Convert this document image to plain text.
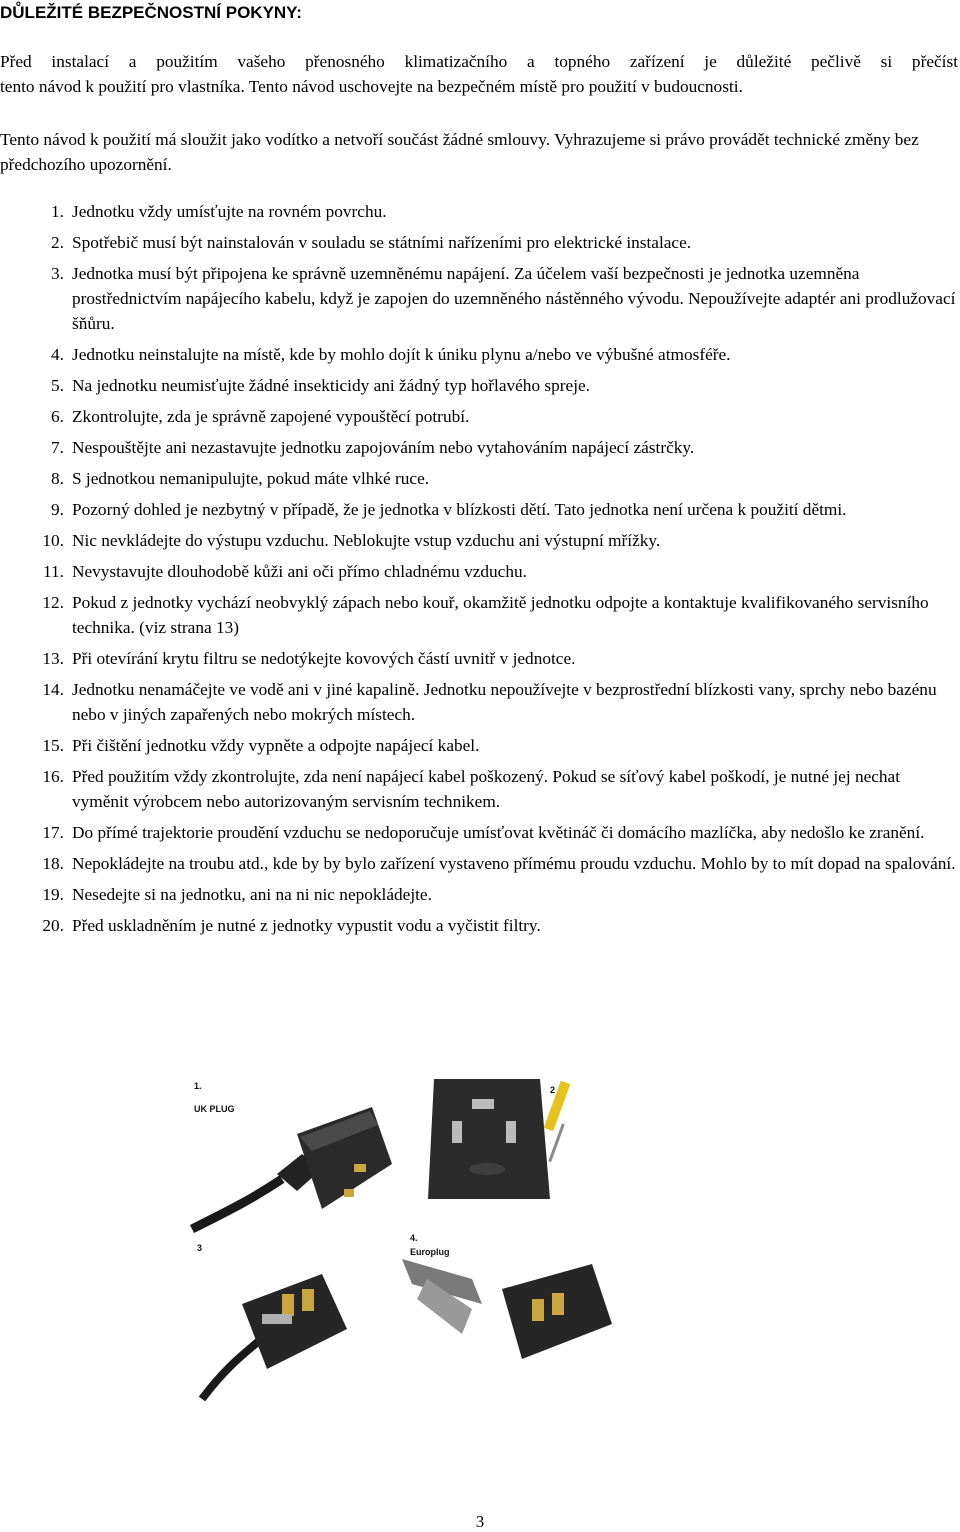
DŮLEŽITÉ BEZPEČNOSTNÍ POKYNY:
Před instalací a použitím vašeho přenosného klimatizačního a topného zařízení je důležité pečlivě si přečíst
tento návod k použití pro vlastníka. Tento návod uschovejte na bezpečném místě pro použití v budoucnosti.
Tento návod k použití má sloužit jako vodítko a netvoří součást žádné smlouvy. Vyhrazujeme si právo provádět technické změny bez předchozího upozornění.
1. Jednotku vždy umísťujte na rovném povrchu.
2. Spotřebič musí být nainstalován v souladu se státními nařízeními pro elektrické instalace.
3. Jednotka musí být připojena ke správně uzemněnému napájení. Za účelem vaší bezpečnosti je jednotka uzemněna prostřednictvím napájecího kabelu, když je zapojen do uzemněného nástěnného vývodu. Nepoužívejte adaptér ani prodlužovací šňůru.
4. Jednotku neinstalujte na místě, kde by mohlo dojít k úniku plynu a/nebo ve výbušné atmosféře.
5. Na jednotku neumisťujte žádné insekticidy ani žádný typ hořlavého spreje.
6. Zkontrolujte, zda je správně zapojené vypouštěcí potrubí.
7. Nespouštějte ani nezastavujte jednotku zapojováním nebo vytahováním napájecí zástrčky.
8. S jednotkou nemanipulujte, pokud máte vlhké ruce.
9. Pozorný dohled je nezbytný v případě, že je jednotka v blízkosti dětí. Tato jednotka není určena k použití dětmi.
10. Nic nevkládejte do výstupu vzduchu. Neblokujte vstup vzduchu ani výstupní mřížky.
11. Nevystavujte dlouhodobě kůži ani oči přímo chladnému vzduchu.
12. Pokud z jednotky vychází neobvyklý zápach nebo kouř, okamžitě jednotku odpojte a kontaktuje kvalifikovaného servisního technika. (viz strana 13)
13. Při otevírání krytu filtru se nedotýkejte kovových částí uvnitř v jednotce.
14. Jednotku nenamáčejte ve vodě ani v jiné kapalině. Jednotku nepoužívejte v bezprostřední blízkosti vany, sprchy nebo bazénu nebo v jiných zapařených nebo mokrých místech.
15. Při čištění jednotku vždy vypněte a odpojte napájecí kabel.
16. Před použitím vždy zkontrolujte, zda není napájecí kabel poškozený. Pokud se síťový kabel poškodí, je nutné jej nechat vyměnit výrobcem nebo autorizovaným servisním technikem.
17. Do přímé trajektorie proudění vzduchu se nedoporučuje umísťovat květináč či domácího mazlíčka, aby nedošlo ke zranění.
18. Nepokládejte na troubu atd., kde by by bylo zařízení vystaveno přímému proudu vzduchu. Mohlo by to mít dopad na spalování.
19. Nesedejte si na jednotku, ani na ni nic nepokládejte.
20. Před uskladněním je nutné z jednotky vypustit vodu a vyčistit filtry.
1.
UK PLUG
2
3
4.
Europlug
3
